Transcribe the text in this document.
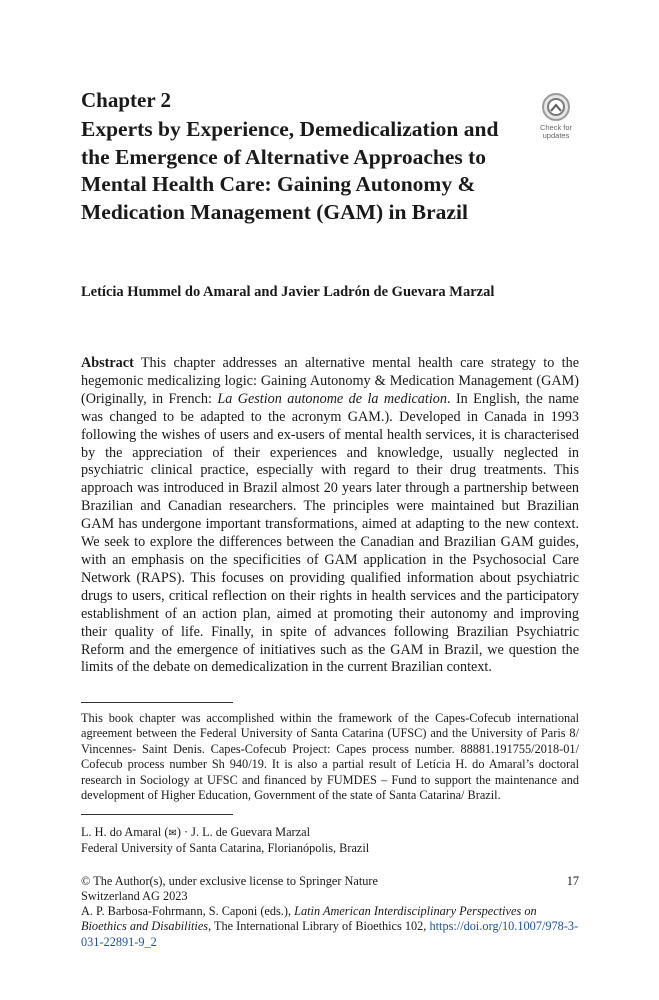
Chapter 2
Experts by Experience, Demedicalization and the Emergence of Alternative Approaches to Mental Health Care: Gaining Autonomy & Medication Management (GAM) in Brazil
Check for
updates
Letícia Hummel do Amaral and Javier Ladrón de Guevara Marzal
Abstract This chapter addresses an alternative mental health care strategy to the hegemonic medicalizing logic: Gaining Autonomy & Medication Management (GAM) (Originally, in French: La Gestion autonome de la medication. In English, the name was changed to be adapted to the acronym GAM.). Developed in Canada in 1993 following the wishes of users and ex-users of mental health services, it is characterised by the appreciation of their experiences and knowledge, usually neglected in psychiatric clinical practice, especially with regard to their drug treatments. This approach was introduced in Brazil almost 20 years later through a partnership between Brazilian and Canadian researchers. The principles were maintained but Brazilian GAM has undergone important transformations, aimed at adapting to the new context. We seek to explore the differences between the Canadian and Brazilian GAM guides, with an emphasis on the specificities of GAM application in the Psychosocial Care Network (RAPS). This focuses on providing qualified information about psychiatric drugs to users, critical reflection on their rights in health services and the participatory establishment of an action plan, aimed at promoting their autonomy and improving their quality of life. Finally, in spite of advances following Brazilian Psychiatric Reform and the emergence of initiatives such as the GAM in Brazil, we question the limits of the debate on demedicalization in the current Brazilian context.
This book chapter was accomplished within the framework of the Capes-Cofecub international agreement between the Federal University of Santa Catarina (UFSC) and the University of Paris 8/ Vincennes- Saint Denis. Capes-Cofecub Project: Capes process number. 88881.191755/2018-01/ Cofecub process number Sh 940/19. It is also a partial result of Letícia H. do Amaral’s doctoral research in Sociology at UFSC and financed by FUMDES – Fund to support the maintenance and development of Higher Education, Government of the state of Santa Catarina/ Brazil.
L. H. do Amaral (✉) · J. L. de Guevara Marzal
Federal University of Santa Catarina, Florianópolis, Brazil
© The Author(s), under exclusive license to Springer Nature
Switzerland AG 2023
17
A. P. Barbosa-Fohrmann, S. Caponi (eds.), Latin American Interdisciplinary Perspectives on Bioethics and Disabilities, The International Library of Bioethics 102, https://doi.org/10.1007/978-3-031-22891-9_2
